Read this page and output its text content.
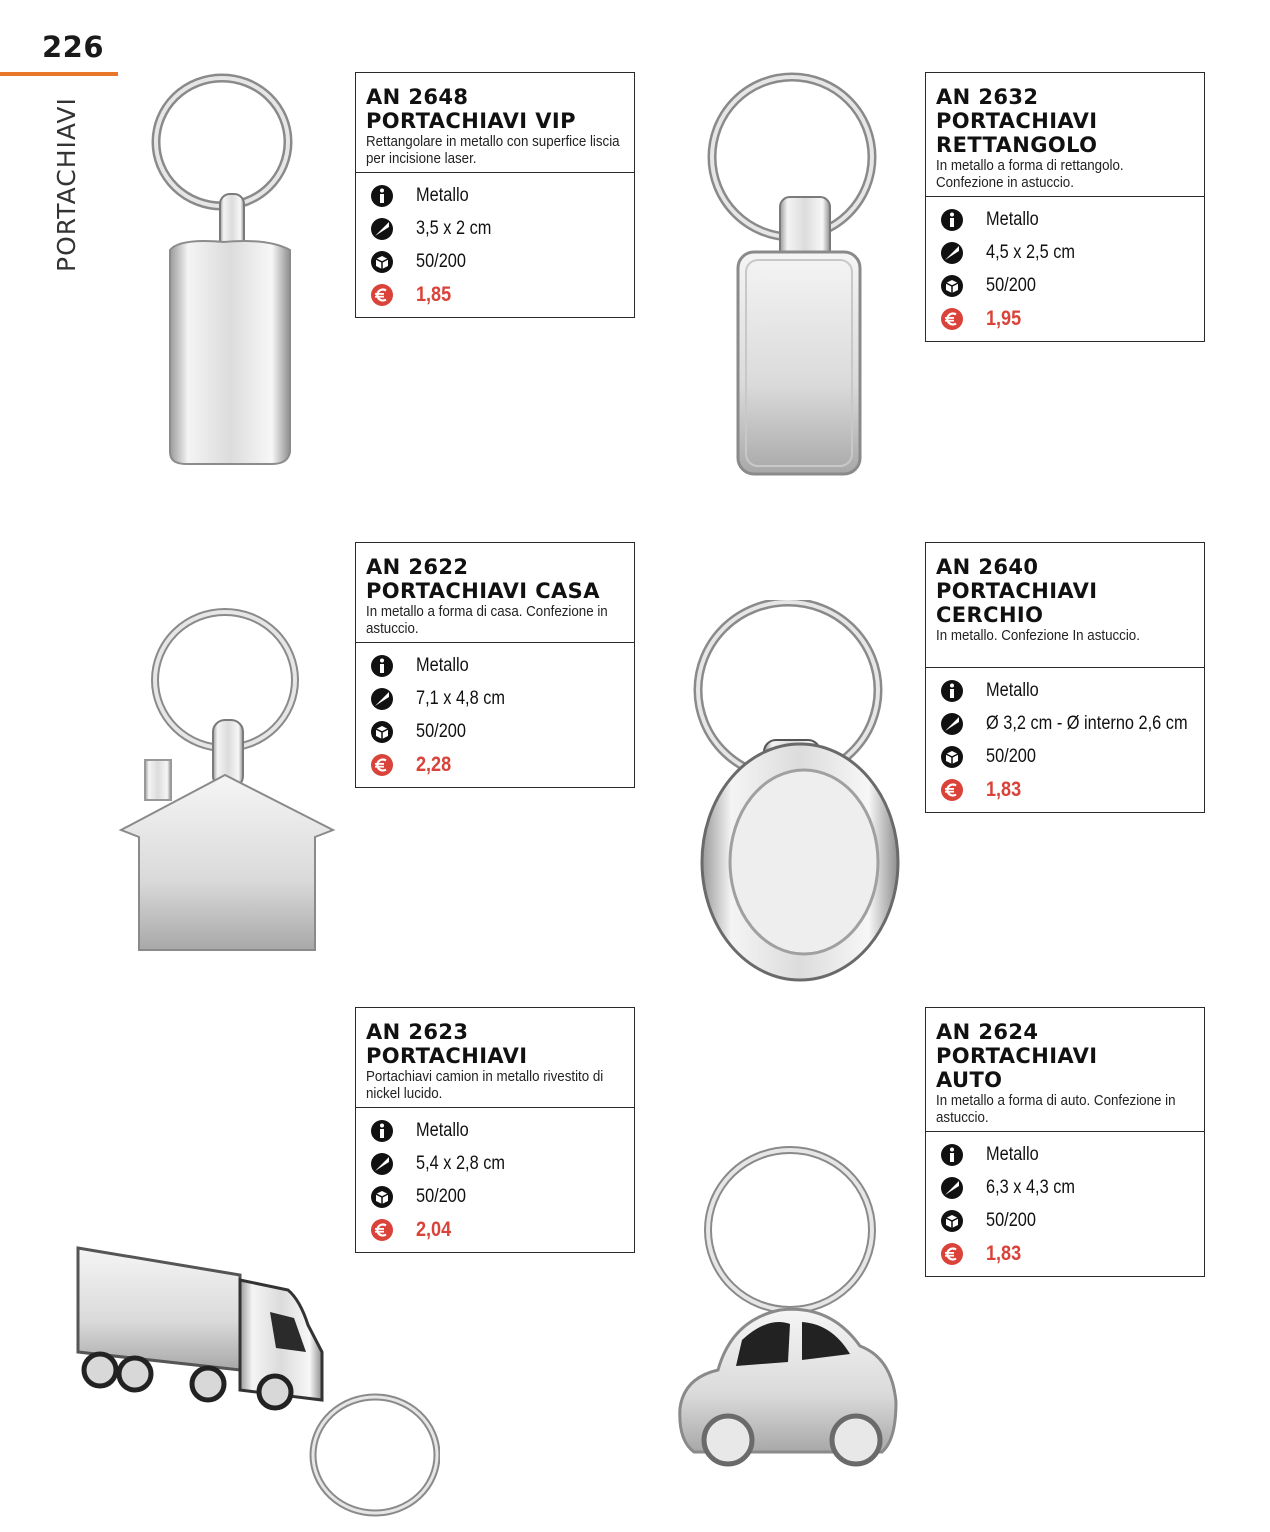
226
PORTACHIAVI
AN 2648
PORTACHIAVI VIP
Rettangolare in metallo con superfice liscia per incisione laser.
Metallo
3,5 x 2 cm
50/200
1,85
AN 2632
PORTACHIAVI
RETTANGOLO
In metallo a forma di rettangolo. Confezione in astuccio.
Metallo
4,5 x 2,5 cm
50/200
1,95
AN 2622
PORTACHIAVI CASA
In metallo a forma di casa. Confezione in astuccio.
Metallo
7,1 x 4,8 cm
50/200
2,28
AN 2640
PORTACHIAVI
CERCHIO
In metallo. Confezione In astuccio.
Metallo
Ø 3,2 cm - Ø interno 2,6 cm
50/200
1,83
AN 2623
PORTACHIAVI
Portachiavi camion in metallo rivestito di nickel lucido.
Metallo
5,4 x 2,8 cm
50/200
2,04
AN 2624
PORTACHIAVI
AUTO
In metallo a forma di auto. Confezione in astuccio.
Metallo
6,3 x 4,3 cm
50/200
1,83
